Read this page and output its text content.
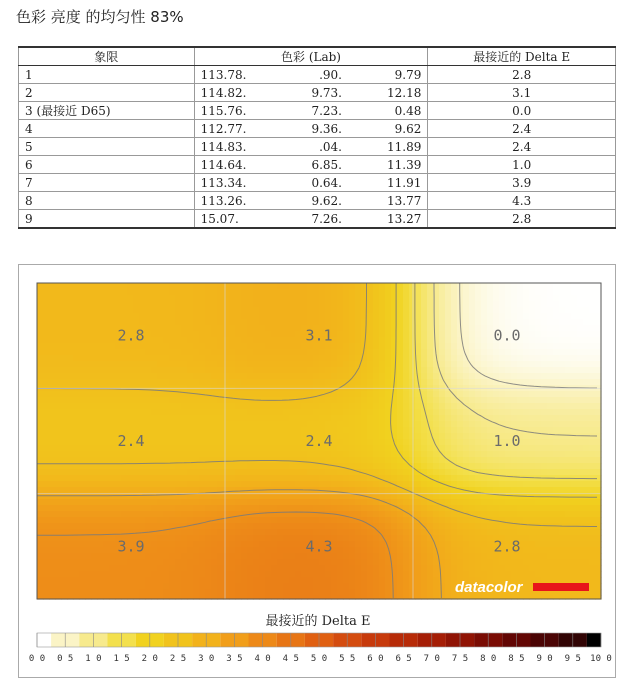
色彩 亮度 的均匀性 83%
象限	色彩 (Lab)	最接近的 Delta E
1	113.78. .90. 9.79	2.8
2	114.82. 9.73. 12.18	3.1
3 (最接近 D65)	115.76. 7.23. 0.48	0.0
4	112.77. 9.36. 9.62	2.4
5	114.83. .04. 11.89	2.4
6	114.64. 6.85. 11.39	1.0
7	113.34. 0.64. 11.91	3.9
8	113.26. 9.62. 13.77	4.3
9	15.07. 7.26. 13.27	2.8
2.8	3.1	0.0
2.4	2.4	1.0
3.9	4.3	2.8
datacolor
最接近的 Delta E
0 0 0 5 1 0 1 5 2 0 2 5 3 0 3 5 4 0 4 5 5 0 5 5 6 0 6 5 7 0 7 5 8 0 8 5 9 0 9 5 10 0
